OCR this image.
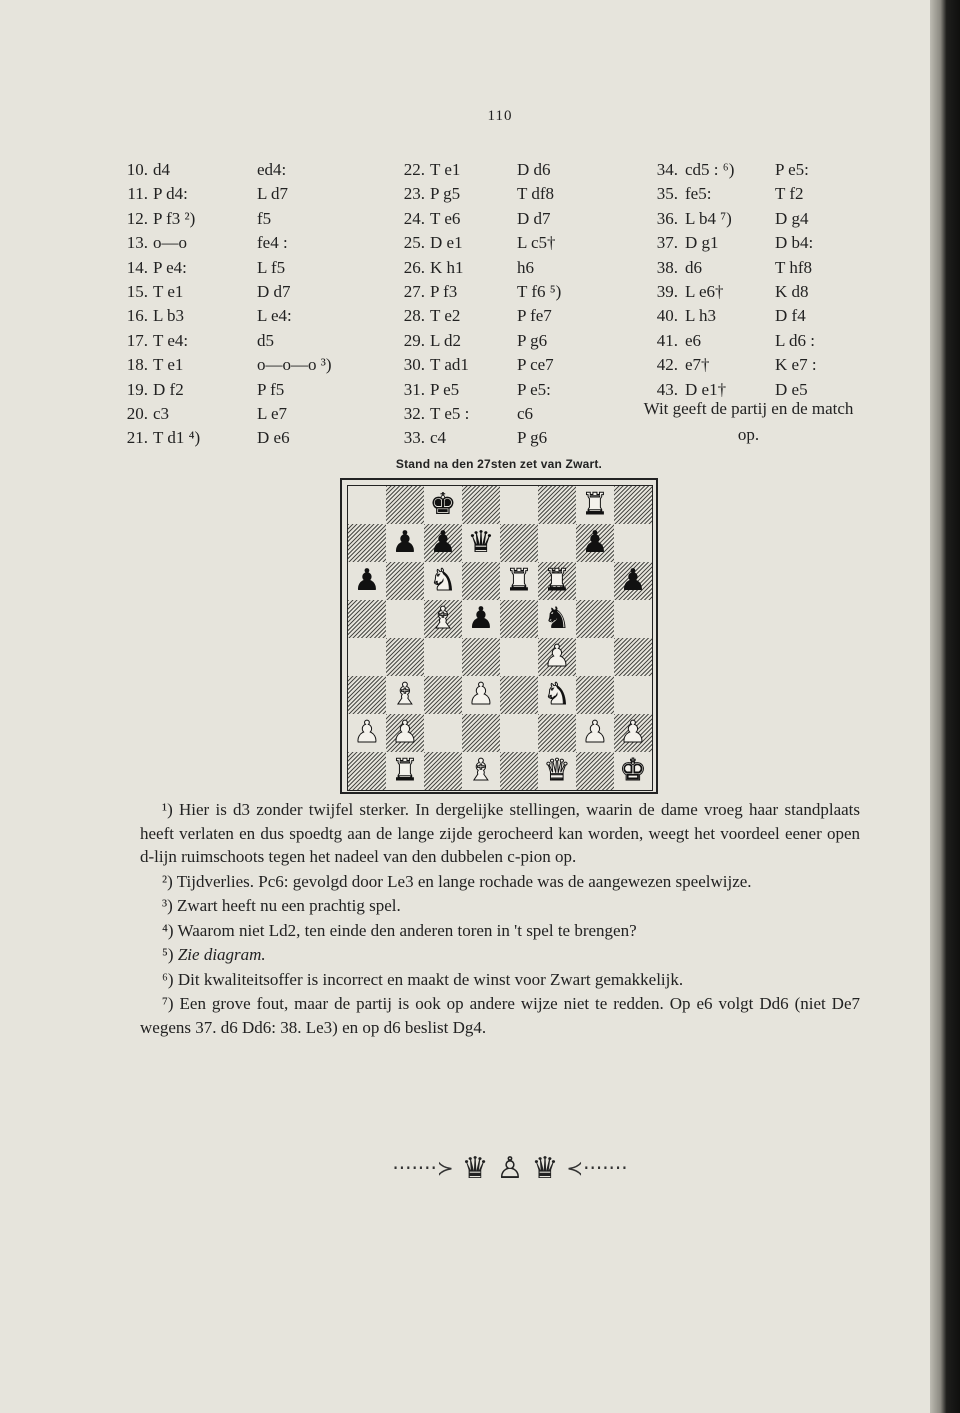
110
10. d4	ed4:
11. P d4:	L d7
12. P f3 ²)	f5
13. o—o	fe4 :
14. P e4:	L f5
15. T e1	D d7
16. L b3	L e4:
17. T e4:	d5
18. T e1	o—o—o ³)
19. D f2	P f5
20. c3	L e7
21. T d1 ⁴)	D e6
22. T e1	D d6
23. P g5	T df8
24. T e6	D d7
25. D e1	L c5†
26. K h1	h6
27. P f3	T f6 ⁵)
28. T e2	P fe7
29. L d2	P g6
30. T ad1	P ce7
31. P e5	P e5:
32. T e5 :	c6
33. c4	P g6
34. cd5 : ⁶) P e5:
35. fe5:	T f2
36. L b4 ⁷)	D g4
37. D g1	D b4:
38. d6	T hf8
39. L e6†	K d8
40. L h3	D f4
41. e6	L d6 :
42. e7†	K e7 :
43. D e1†	D e5
Wit geeft de partij en de match op.
Stand na den 27sten zet van Zwart.
♚	♜
♟ ♟ ♛	♟
♟ ♞ ♜ ♜ ♟
♝ ♟ ♞
♟
♝ ♟ ♞
♟ ♟	♟ ♟
♜ ♝ ♛ ♚

¹) Hier is d3 zonder twijfel sterker. In dergelijke stellingen, waarin de dame vroeg haar standplaats heeft verlaten en dus spoedtg aan de lange zijde gerocheerd kan worden, weegt het voordeel eener open d-lijn ruimschoots tegen het nadeel van den dubbelen c-pion op.

²) Tijdverlies. Pc6: gevolgd door Le3 en lange rochade was de aangewezen speelwijze.

³) Zwart heeft nu een prachtig spel.

⁴) Waarom niet Ld2, ten einde den anderen toren in 't spel te brengen?

⁵) Zie diagram.

⁶) Dit kwaliteitsoffer is incorrect en maakt de winst voor Zwart gemakkelijk.

⁷) Een grove fout, maar de partij is ook op andere wijze niet te redden. Op e6 volgt Dd6 (niet De7 wegens 37. d6 Dd6: 38. Le3) en op d6 beslist Dg4.

·······≻ ♛ ♙ ♛ ≺·······
